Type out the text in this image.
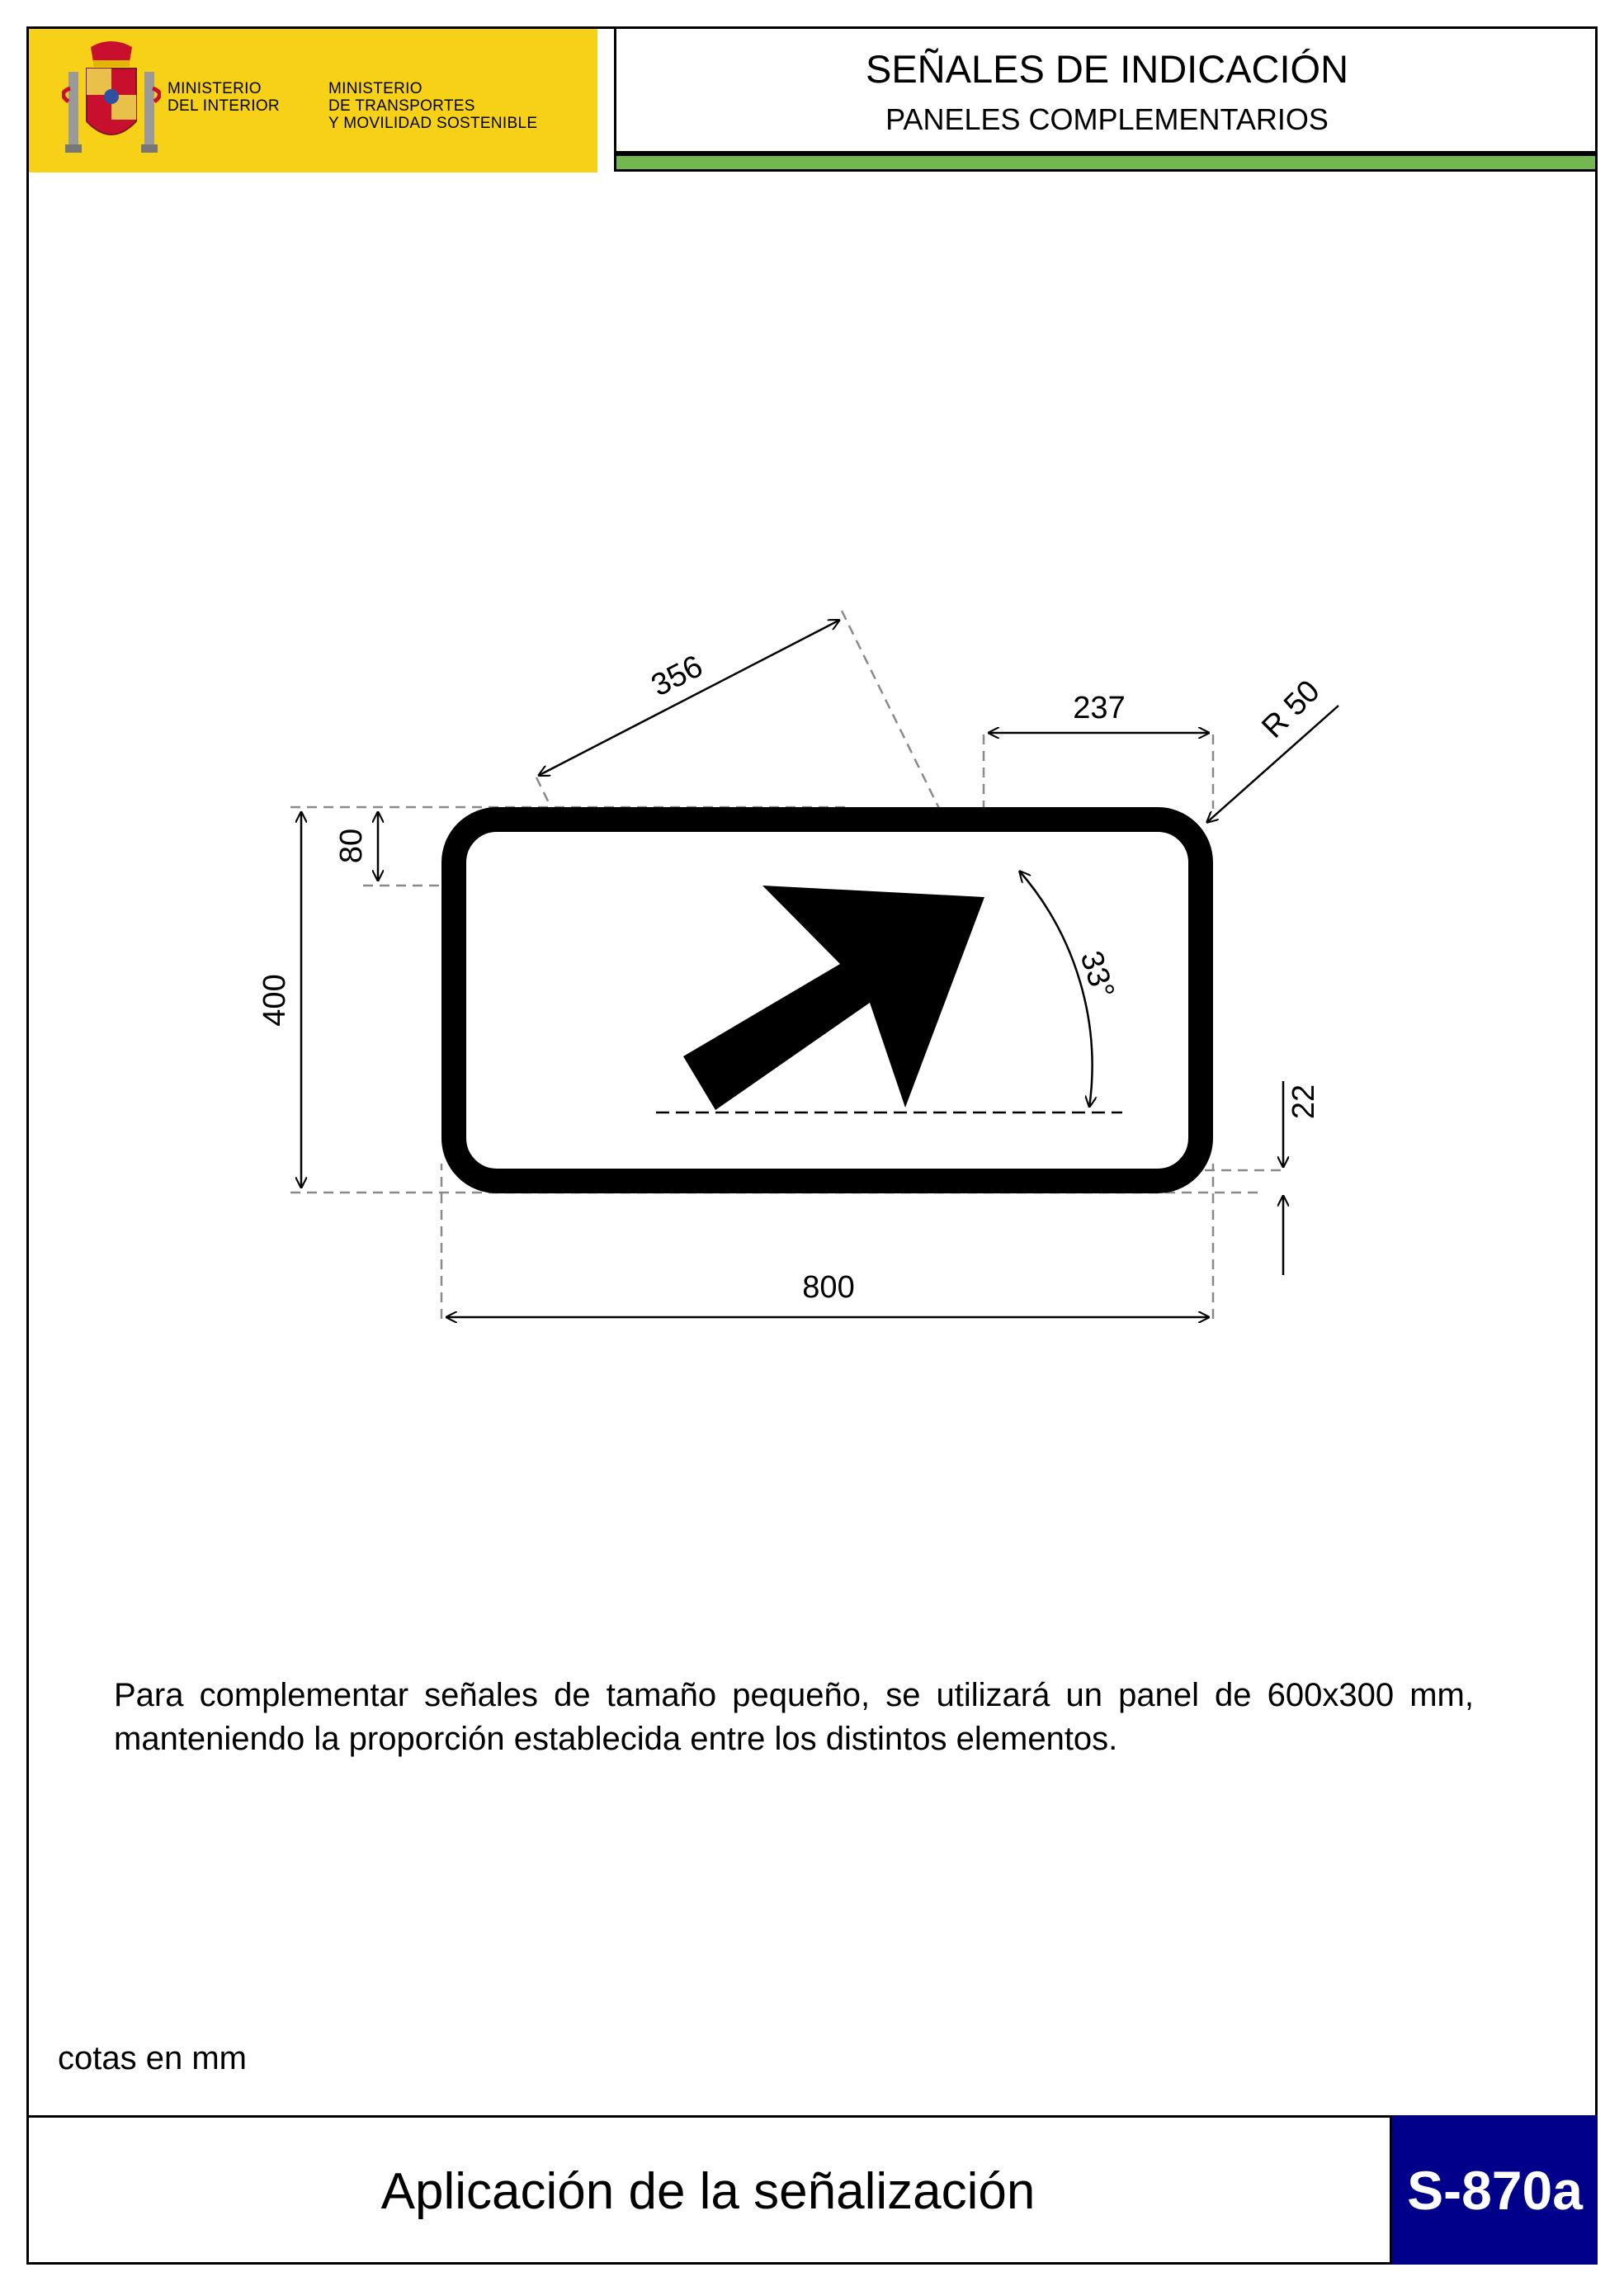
MINISTERIO
DEL INTERIOR
MINISTERIO
DE TRANSPORTES
Y MOVILIDAD SOSTENIBLE
SEÑALES DE INDICACIÓN
PANELES COMPLEMENTARIOS
800
400
80
356
237	R 50
22
33°
Para complementar señales de tamaño pequeño, se utilizará un panel de 600x300 mm, manteniendo la proporción establecida entre los distintos elementos.
cotas en mm
Aplicación de la señalización	S-870a
